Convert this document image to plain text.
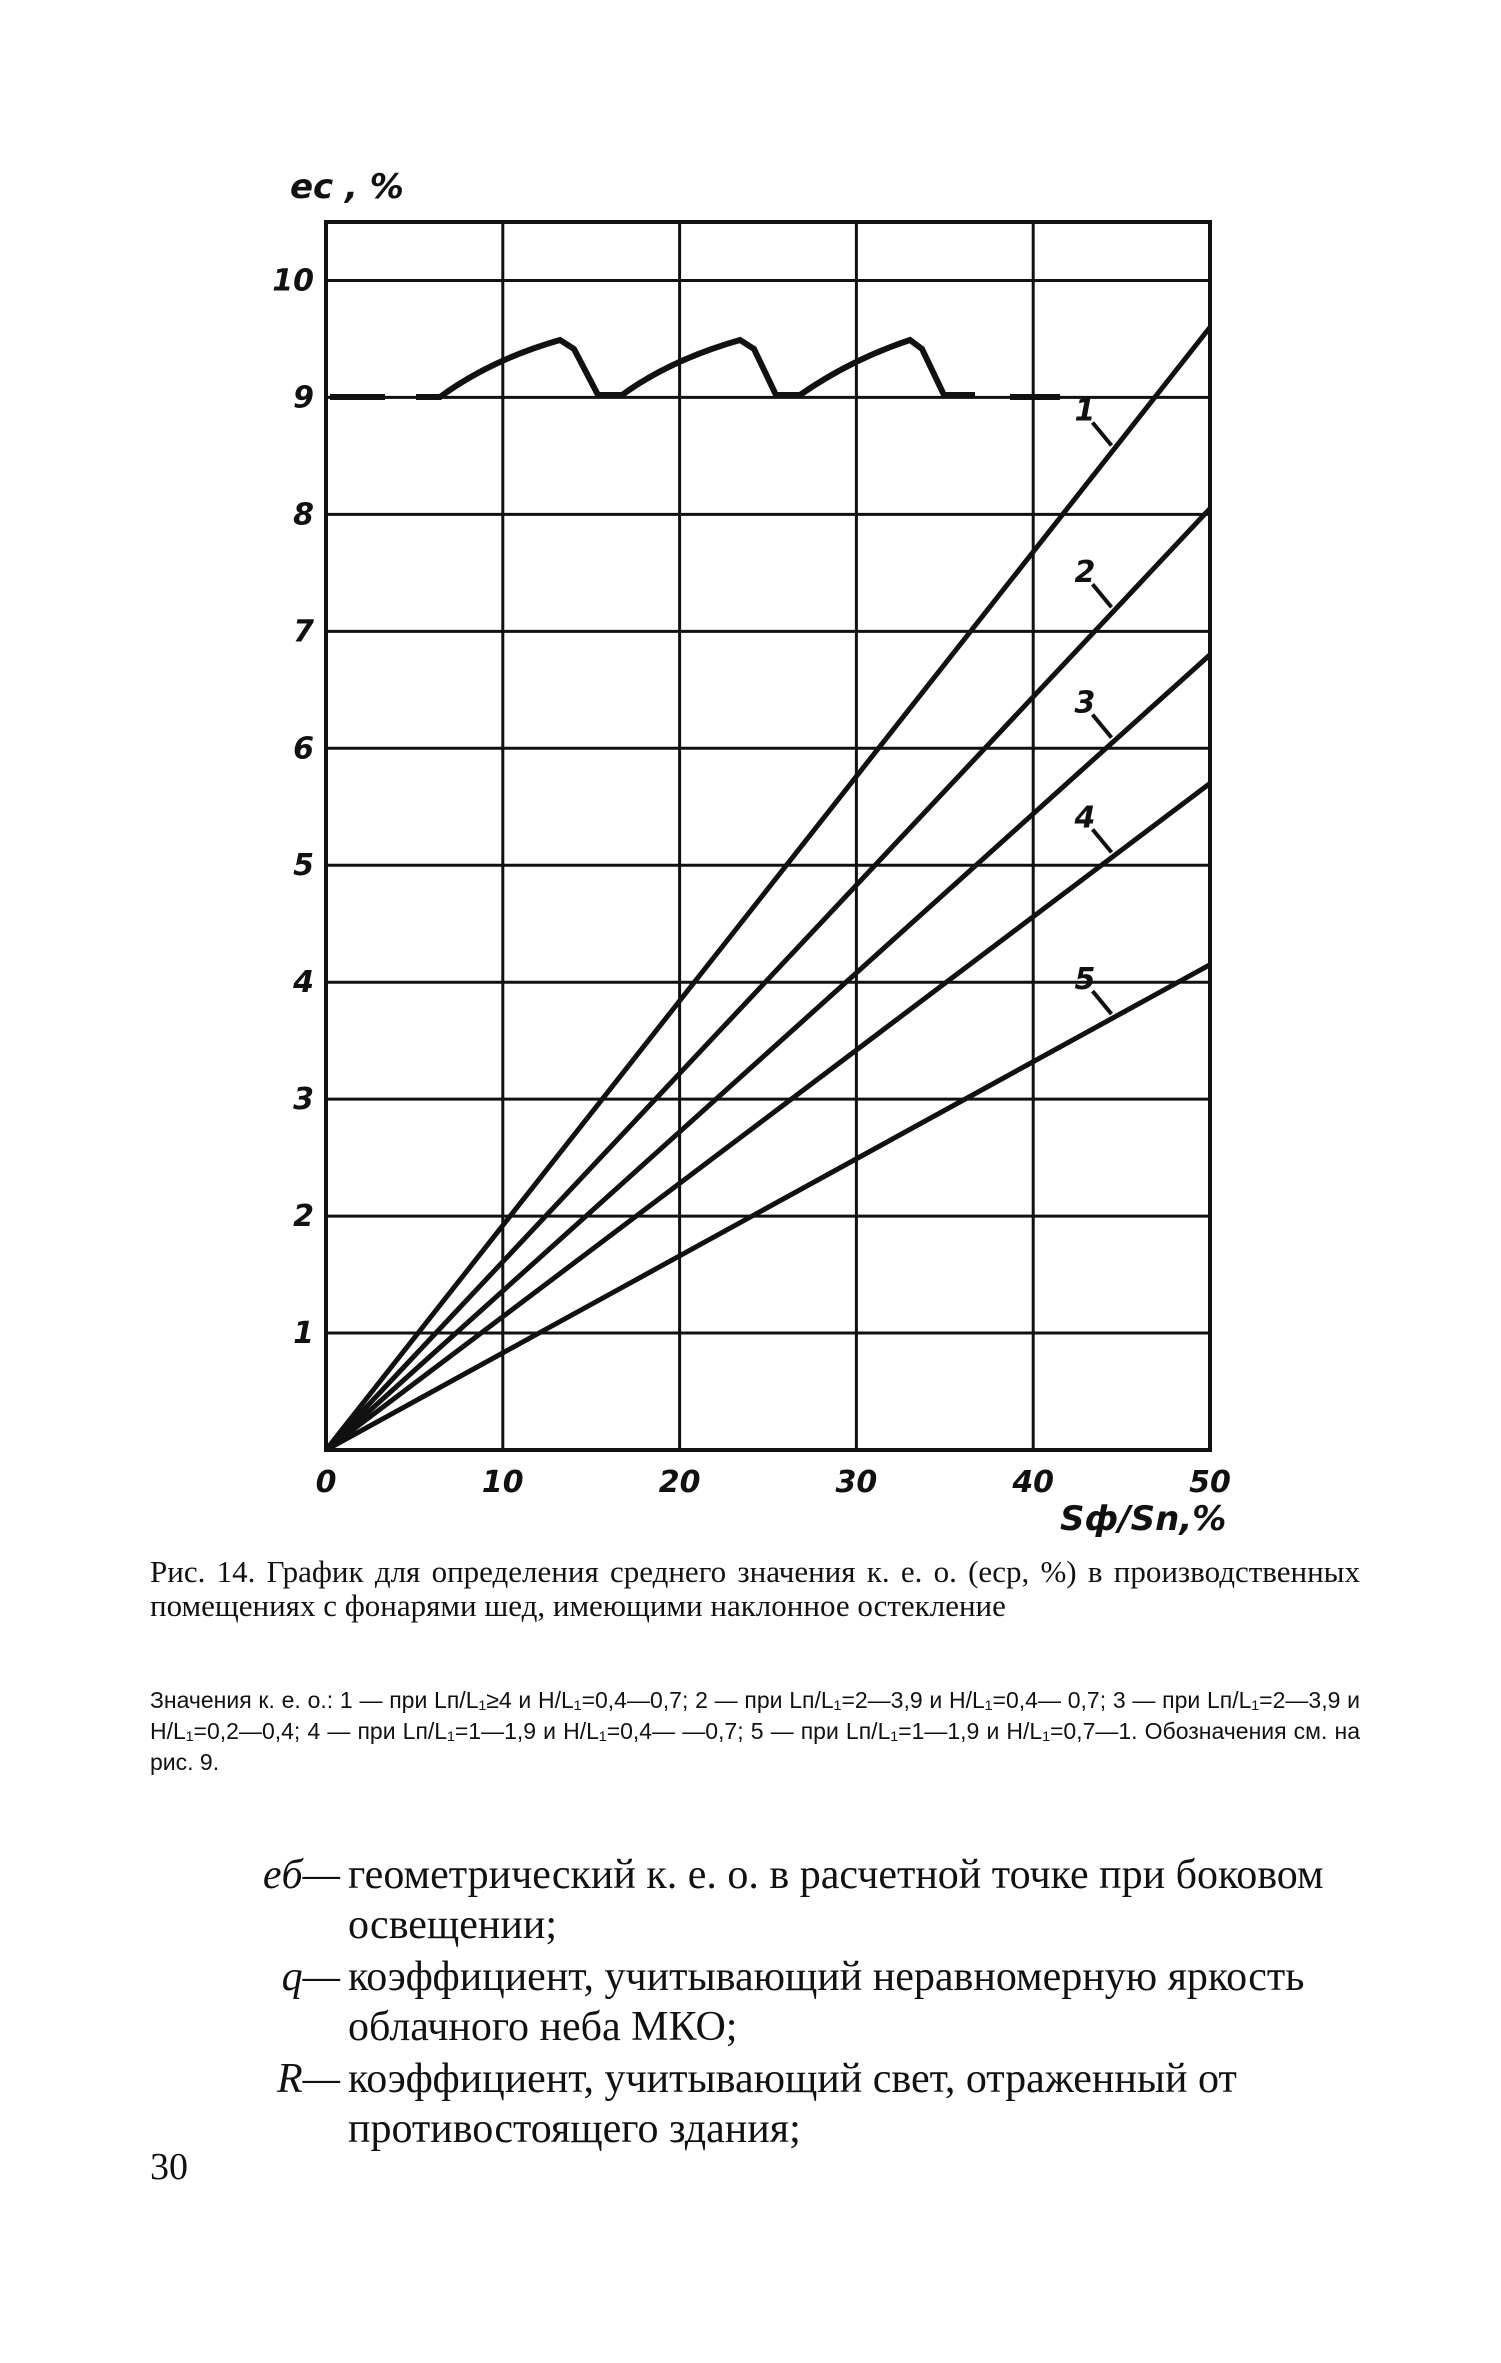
1
2
3
4
5
1
2
3
4
5
6
7
8
9
10
0	10	20	30	40	50
eс , %
Sф/Sn,%
Рис. 14. График для определения среднего значения к. е. о. (eср, %) в производственных помещениях с фонарями шед, имеющими наклонное остекление
Значения к. е. о.: 1 — при Lп/L₁≥4 и H/L₁=0,4—0,7; 2 — при Lп/L₁=2—3,9 и H/L₁=0,4— 0,7; 3 — при Lп/L₁=2—3,9 и H/L₁=0,2—0,4; 4 — при Lп/L₁=1—1,9 и H/L₁=0,4— —0,7; 5 — при Lп/L₁=1—1,9 и H/L₁=0,7—1. Обозначения см. на рис. 9.
eб— геометрический к. е. о. в расчетной точке при боковом освещении;
q— коэффициент, учитывающий неравномерную яркость облачного неба МКО;
R— коэффициент, учитывающий свет, отраженный от противостоящего здания;
30
